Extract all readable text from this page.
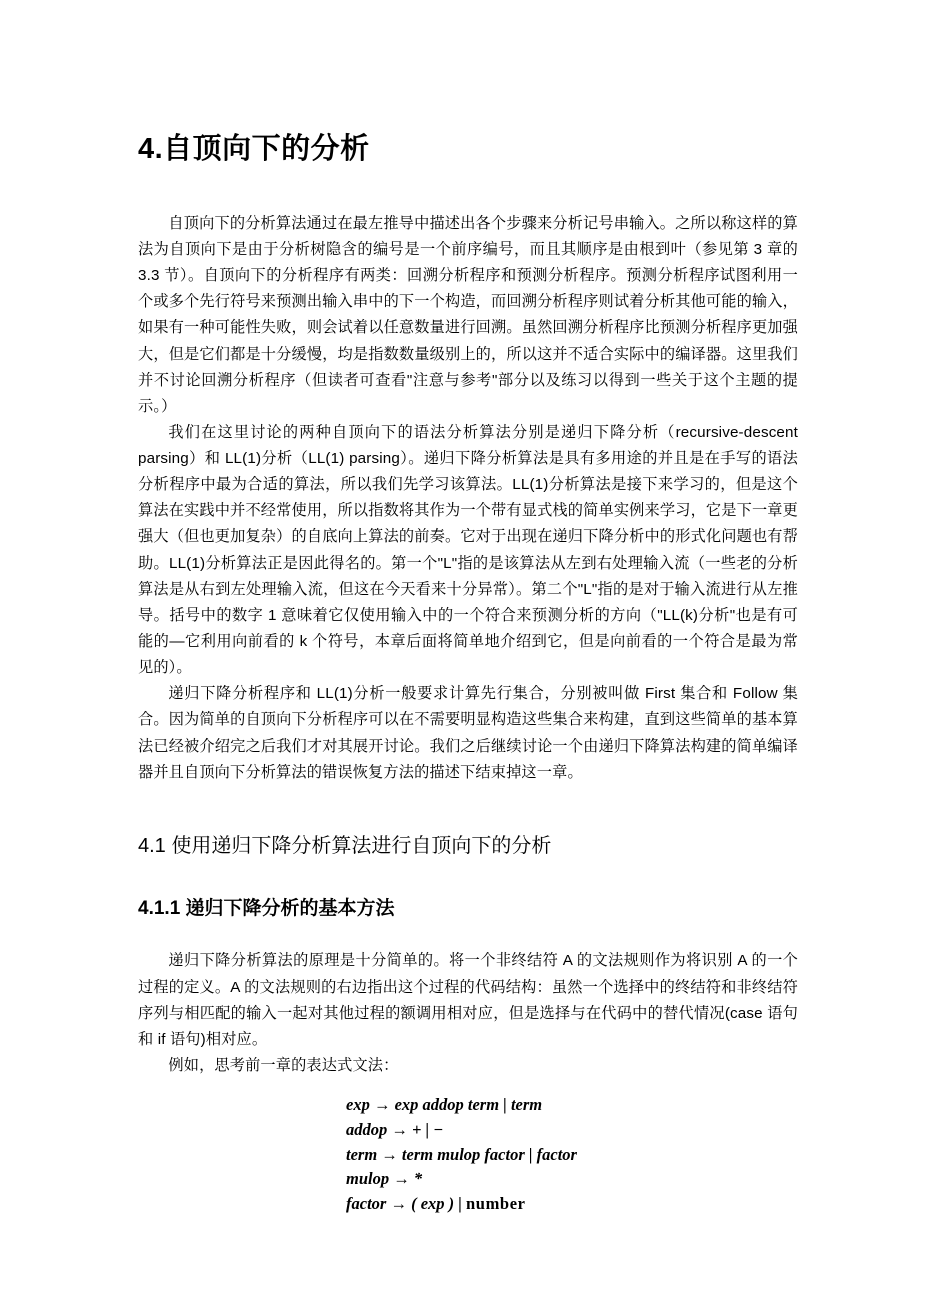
4.自顶向下的分析

自顶向下的分析算法通过在最左推导中描述出各个步骤来分析记号串输入。之所以称这样的算法为自顶向下是由于分析树隐含的编号是一个前序编号，而且其顺序是由根到叶（参见第 3 章的 3.3 节）。自顶向下的分析程序有两类：回溯分析程序和预测分析程序。预测分析程序试图利用一个或多个先行符号来预测出输入串中的下一个构造，而回溯分析程序则试着分析其他可能的输入，如果有一种可能性失败，则会试着以任意数量进行回溯。虽然回溯分析程序比预测分析程序更加强大，但是它们都是十分缓慢，均是指数数量级别上的，所以这并不适合实际中的编译器。这里我们并不讨论回溯分析程序（但读者可查看"注意与参考"部分以及练习以得到一些关于这个主题的提示。）

我们在这里讨论的两种自顶向下的语法分析算法分别是递归下降分析（recursive-descent parsing）和 LL(1)分析（LL(1) parsing）。递归下降分析算法是具有多用途的并且是在手写的语法分析程序中最为合适的算法，所以我们先学习该算法。LL(1)分析算法是接下来学习的，但是这个算法在实践中并不经常使用，所以指数将其作为一个带有显式栈的简单实例来学习，它是下一章更强大（但也更加复杂）的自底向上算法的前奏。它对于出现在递归下降分析中的形式化问题也有帮助。LL(1)分析算法正是因此得名的。第一个"L"指的是该算法从左到右处理输入流（一些老的分析算法是从右到左处理输入流，但这在今天看来十分异常）。第二个"L"指的是对于输入流进行从左推导。括号中的数字 1 意味着它仅使用输入中的一个符合来预测分析的方向（"LL(k)分析"也是有可能的—它利用向前看的 k 个符号，本章后面将简单地介绍到它，但是向前看的一个符合是最为常见的）。

递归下降分析程序和 LL(1)分析一般要求计算先行集合，分别被叫做 First 集合和 Follow 集合。因为简单的自顶向下分析程序可以在不需要明显构造这些集合来构建，直到这些简单的基本算法已经被介绍完之后我们才对其展开讨论。我们之后继续讨论一个由递归下降算法构建的简单编译器并且自顶向下分析算法的错误恢复方法的描述下结束掉这一章。

4.1 使用递归下降分析算法进行自顶向下的分析
4.1.1 递归下降分析的基本方法

递归下降分析算法的原理是十分简单的。将一个非终结符 A 的文法规则作为将识别 A 的一个过程的定义。A 的文法规则的右边指出这个过程的代码结构：虽然一个选择中的终结符和非终结符序列与相匹配的输入一起对其他过程的额调用相对应，但是选择与在代码中的替代情况(case 语句和 if 语句)相对应。

例如，思考前一章的表达式文法：

exp → exp addop term | term
addop → + | −
term → term mulop factor | factor
mulop → *
factor → ( exp ) | number
